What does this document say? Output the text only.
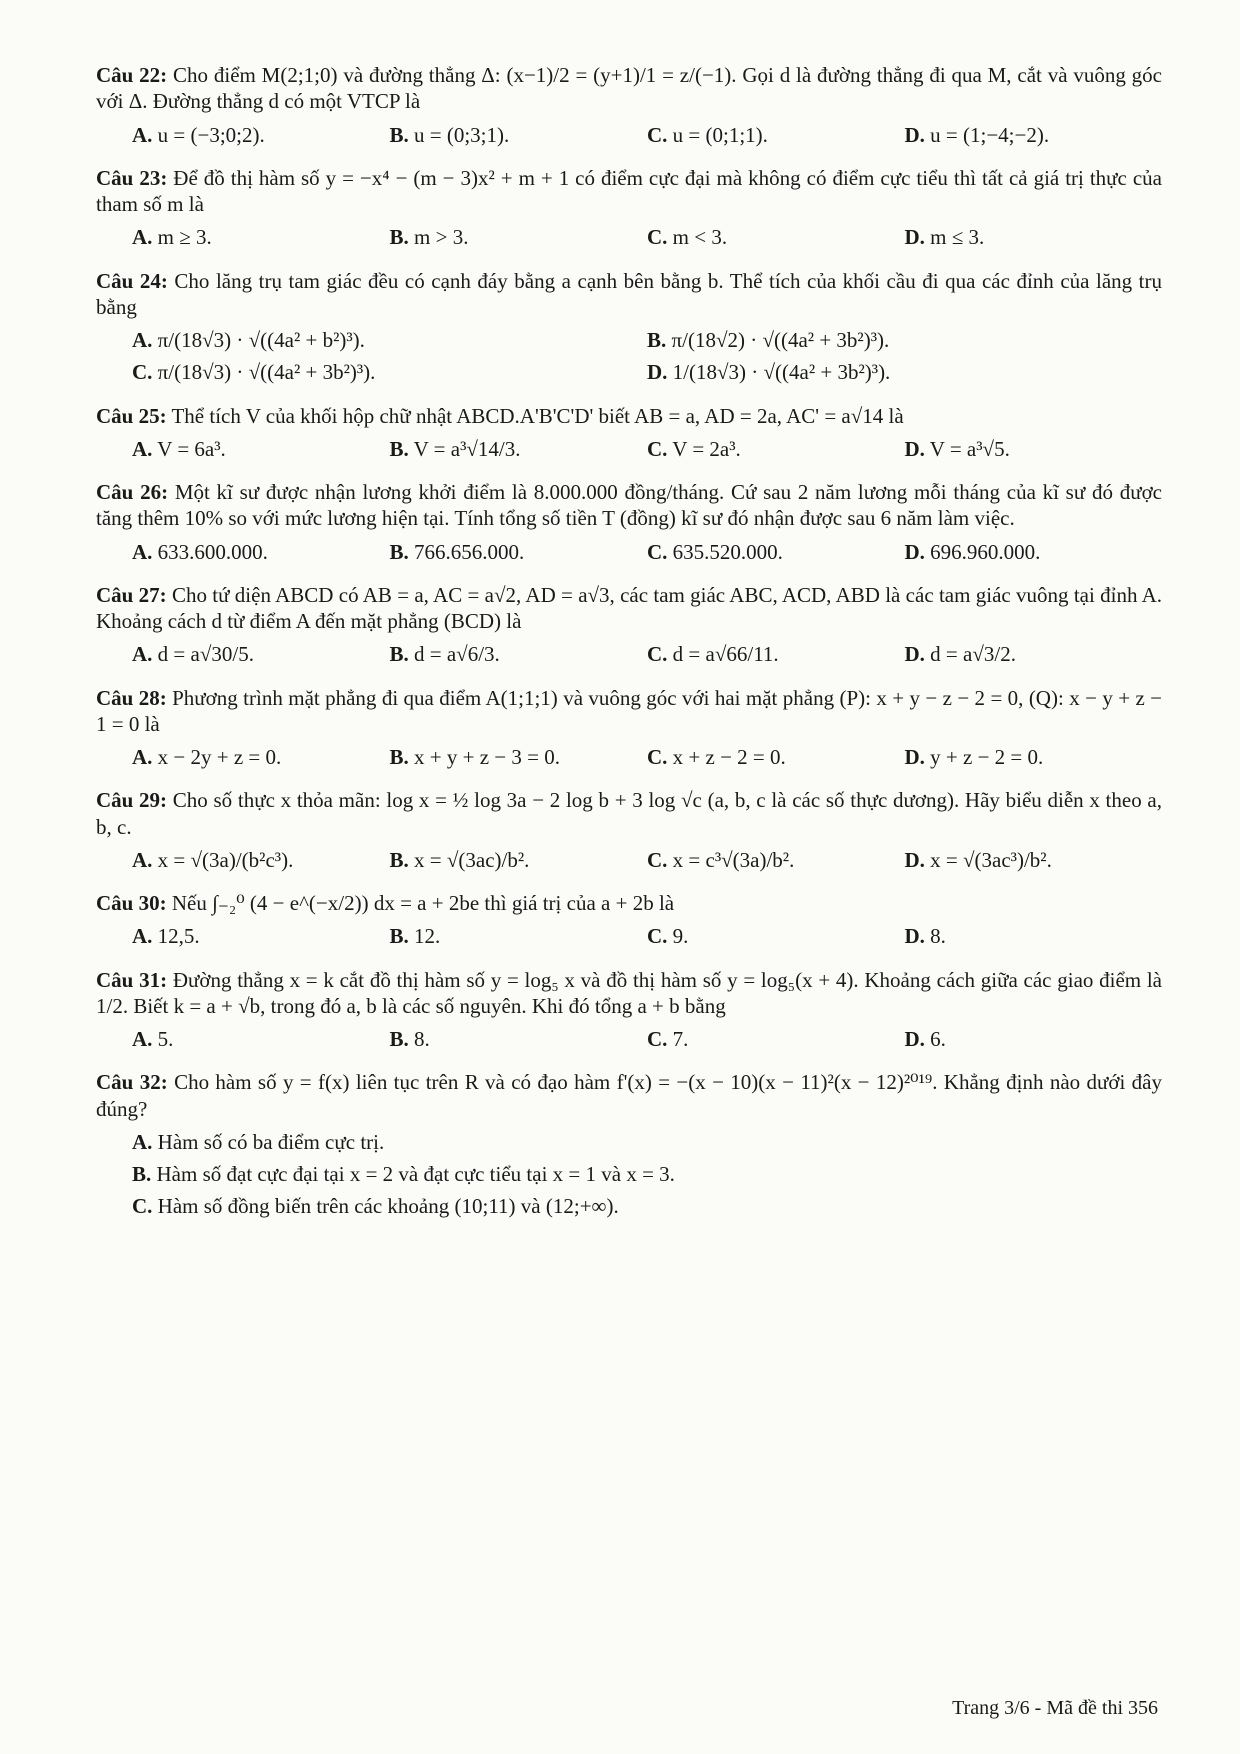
Câu 22: Cho điểm M(2;1;0) và đường thẳng Δ: (x−1)/2 = (y+1)/1 = z/(−1). Gọi d là đường thẳng đi qua M, cắt và vuông góc với Δ. Đường thẳng d có một VTCP là
A. u = (−3;0;2).	B. u = (0;3;1).	C. u = (0;1;1).	D. u = (1;−4;−2).
Câu 23: Để đồ thị hàm số y = −x⁴ − (m − 3)x² + m + 1 có điểm cực đại mà không có điểm cực tiểu thì tất cả giá trị thực của tham số m là
A. m ≥ 3.	B. m > 3.	C. m < 3.	D. m ≤ 3.
Câu 24: Cho lăng trụ tam giác đều có cạnh đáy bằng a cạnh bên bằng b. Thể tích của khối cầu đi qua các đỉnh của lăng trụ bằng
A. π/(18√3) · √((4a² + b²)³).	B. π/(18√2) · √((4a² + 3b²)³).
C. π/(18√3) · √((4a² + 3b²)³).	D. 1/(18√3) · √((4a² + 3b²)³).
Câu 25: Thể tích V của khối hộp chữ nhật ABCD.A'B'C'D' biết AB = a, AD = 2a, AC' = a√14 là
A. V = 6a³.	B. V = a³√14/3.	C. V = 2a³.	D. V = a³√5.
Câu 26: Một kĩ sư được nhận lương khởi điểm là 8.000.000 đồng/tháng. Cứ sau 2 năm lương mỗi tháng của kĩ sư đó được tăng thêm 10% so với mức lương hiện tại. Tính tổng số tiền T (đồng) kĩ sư đó nhận được sau 6 năm làm việc.
A. 633.600.000.	B. 766.656.000.	C. 635.520.000.	D. 696.960.000.
Câu 27: Cho tứ diện ABCD có AB = a, AC = a√2, AD = a√3, các tam giác ABC, ACD, ABD là các tam giác vuông tại đỉnh A. Khoảng cách d từ điểm A đến mặt phẳng (BCD) là
A. d = a√30/5.	B. d = a√6/3.	C. d = a√66/11.	D. d = a√3/2.
Câu 28: Phương trình mặt phẳng đi qua điểm A(1;1;1) và vuông góc với hai mặt phẳng (P): x + y − z − 2 = 0, (Q): x − y + z − 1 = 0 là
A. x − 2y + z = 0.	B. x + y + z − 3 = 0.	C. x + z − 2 = 0.	D. y + z − 2 = 0.
Câu 29: Cho số thực x thỏa mãn: log x = ½ log 3a − 2 log b + 3 log √c (a, b, c là các số thực dương). Hãy biểu diễn x theo a, b, c.
A. x = √(3a)/(b²c³).	B. x = √(3ac)/b².	C. x = c³√(3a)/b².	D. x = √(3ac³)/b².
Câu 30: Nếu ∫₋₂⁰ (4 − e^(−x/2)) dx = a + 2be thì giá trị của a + 2b là
A. 12,5.	B. 12.	C. 9.	D. 8.
Câu 31: Đường thẳng x = k cắt đồ thị hàm số y = log₅ x và đồ thị hàm số y = log₅(x + 4). Khoảng cách giữa các giao điểm là 1/2. Biết k = a + √b, trong đó a, b là các số nguyên. Khi đó tổng a + b bằng
A. 5.	B. 8.	C. 7.	D. 6.
Câu 32: Cho hàm số y = f(x) liên tục trên R và có đạo hàm f'(x) = −(x − 10)(x − 11)²(x − 12)²⁰¹⁹. Khẳng định nào dưới đây đúng?
A. Hàm số có ba điểm cực trị.
B. Hàm số đạt cực đại tại x = 2 và đạt cực tiểu tại x = 1 và x = 3.
C. Hàm số đồng biến trên các khoảng (10;11) và (12;+∞).
Trang 3/6 - Mã đề thi 356
